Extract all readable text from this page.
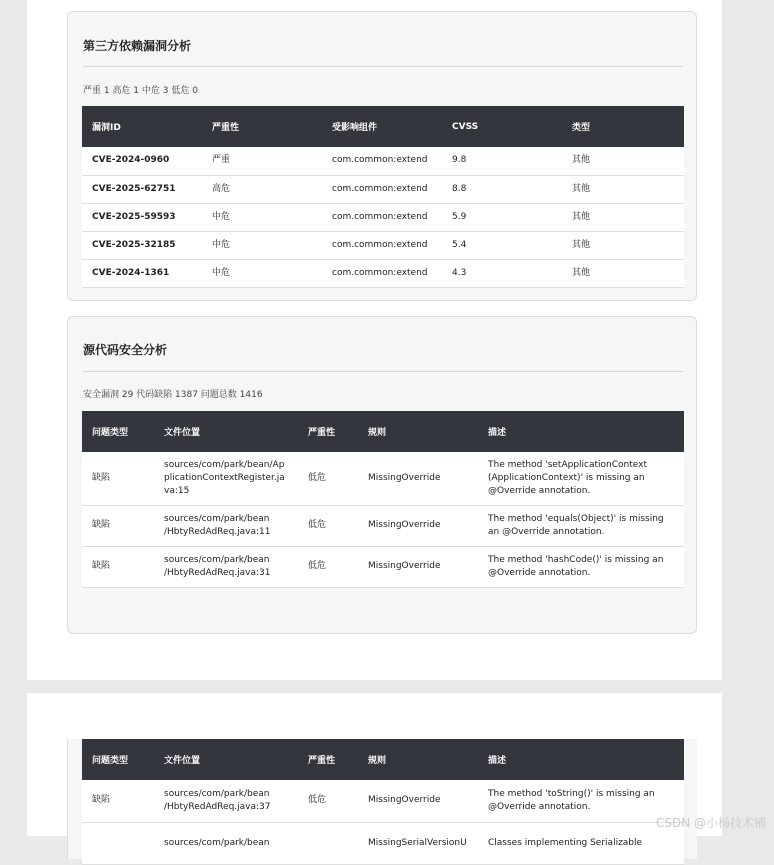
第三方依赖漏洞分析
严重 1 高危 1 中危 3 低危 0
漏洞ID	严重性	受影响组件	CVSS	类型
CVE-2024-0960	严重	com.common:extend	9.8	其他
CVE-2025-62751	高危	com.common:extend	8.8	其他
CVE-2025-59593	中危	com.common:extend	5.9	其他
CVE-2025-32185	中危	com.common:extend	5.4	其他
CVE-2024-1361	中危	com.common:extend	4.3	其他
源代码安全分析
安全漏洞 29 代码缺陷 1387 问题总数 1416
问题类型	文件位置	严重性	规则	描述
缺陷	sources/com/park/bean/ApplicationContextRegister.java:15	低危	MissingOverride	The method 'setApplicationContext (ApplicationContext)' is missing an @Override annotation.
缺陷	sources/com/park/bean /HbtyRedAdReq.java:11	低危	MissingOverride	The method 'equals(Object)' is missing an @Override annotation.
缺陷	sources/com/park/bean /HbtyRedAdReq.java:31	低危	MissingOverride	The method 'hashCode()' is missing an @Override annotation.
问题类型	文件位置	严重性	规则	描述
缺陷	sources/com/park/bean /HbtyRedAdReq.java:37	低危	MissingOverride	The method 'toString()' is missing an @Override annotation.
	sources/com/park/bean		MissingSerialVersionU	Classes implementing Serializable
CSDN @小杨技术铺
